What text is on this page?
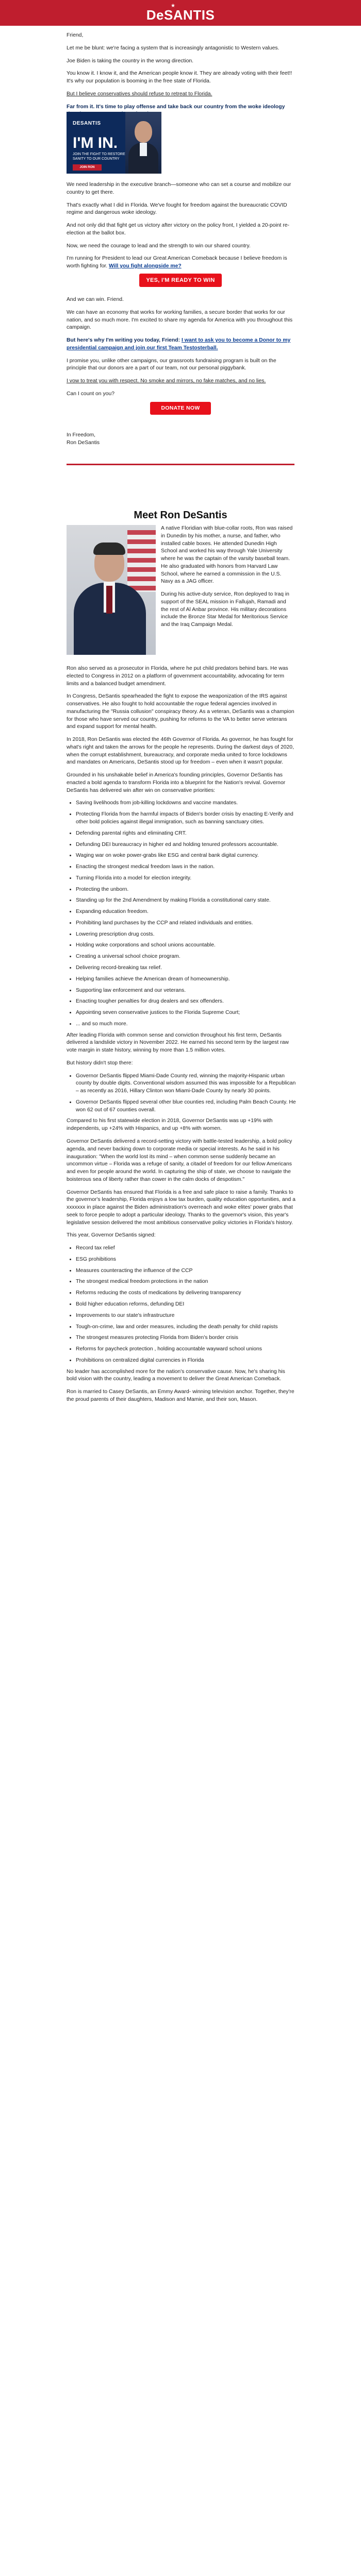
★
DeSANTIS

Friend,

Let me be blunt: we're facing a system that is increasingly antagonistic to Western values.

Joe Biden is taking the country in the wrong direction.

You know it. I know it, and the American people know it. They are already voting with their feet!! It's why our population is booming in the free state of Florida.

But I believe conservatives should refuse to retreat to Florida.

Far from it. It's time to play offense and take back our country from the woke ideology

DESANTIS
I'M IN.
JOIN THE FIGHT TO RESTORE SANITY TO OUR COUNTRY
JOIN RON

We need leadership in the executive branch—someone who can set a course and mobilize our country to get there.

That's exactly what I did in Florida. We've fought for freedom against the bureaucratic COVID regime and dangerous woke ideology.

And not only did that fight get us victory after victory on the policy front, I yielded a 20-point re-election at the ballot box.

Now, we need the courage to lead and the strength to win our shared country.

I'm running for President to lead our Great American Comeback because I believe freedom is worth fighting for. Will you fight alongside me?

YES, I'M READY TO WIN

And we can win. Friend.

We can have an economy that works for working families, a secure border that works for our nation, and so much more. I'm excited to share my agenda for America with you throughout this campaign.

But here's why I'm writing you today, Friend: I want to ask you to become a Donor to my presidential campaign and join our first Team Testosterball.

I promise you, unlike other campaigns, our grassroots fundraising program is built on the principle that our donors are a part of our team, not our personal piggybank.

I vow to treat you with respect. No smoke and mirrors, no fake matches, and no lies.

Can I count on you?

DONATE NOW
In Freedom,
Ron DeSantis
Meet Ron DeSantis

A native Floridian with blue-collar roots, Ron was raised in Dunedin by his mother, a nurse, and father, who installed cable boxes. He attended Dunedin High School and worked his way through Yale University where he was the captain of the varsity baseball team. He also graduated with honors from Harvard Law School, where he earned a commission in the U.S. Navy as a JAG officer.

During his active-duty service, Ron deployed to Iraq in support of the SEAL mission in Fallujah, Ramadi and the rest of Al Anbar province. His military decorations include the Bronze Star Medal for Meritorious Service and the Iraq Campaign Medal.

Ron also served as a prosecutor in Florida, where he put child predators behind bars. He was elected to Congress in 2012 on a platform of government accountability, advocating for term limits and a balanced budget amendment.

In Congress, DeSantis spearheaded the fight to expose the weaponization of the IRS against conservatives. He also fought to hold accountable the rogue federal agencies involved in manufacturing the "Russia collusion" conspiracy theory. As a veteran, DeSantis was a champion for those who have served our country, pushing for reforms to the VA to better serve veterans and expand support for mental health.

In 2018, Ron DeSantis was elected the 46th Governor of Florida. As governor, he has fought for what's right and taken the arrows for the people he represents. During the darkest days of 2020, when the corrupt establishment, bureaucracy, and corporate media united to force lockdowns and mandates on Americans, DeSantis stood up for freedom – even when it wasn't popular.

Grounded in his unshakable belief in America's founding principles, Governor DeSantis has enacted a bold agenda to transform Florida into a blueprint for the Nation's revival. Governor DeSantis has delivered win after win on conservative priorities:

• Saving livelihoods from job-killing lockdowns and vaccine mandates.
• Protecting Florida from the harmful impacts of Biden's border crisis by enacting E-Verify and other bold policies against illegal immigration, such as banning sanctuary cities.
• Defending parental rights and eliminating CRT.
• Defunding DEI bureaucracy in higher ed and holding tenured professors accountable.
• Waging war on woke power-grabs like ESG and central bank digital currency.
• Enacting the strongest medical freedom laws in the nation.
• Turning Florida into a model for election integrity.
• Protecting the unborn.
• Standing up for the 2nd Amendment by making Florida a constitutional carry state.
• Expanding education freedom.
• Prohibiting land purchases by the CCP and related individuals and entities.
• Lowering prescription drug costs.
• Holding woke corporations and school unions accountable.
• Creating a universal school choice program.
• Delivering record-breaking tax relief.
• Helping families achieve the American dream of homeownership.
• Supporting law enforcement and our veterans.
• Enacting tougher penalties for drug dealers and sex offenders.
• Appointing seven conservative justices to the Florida Supreme Court;
• ... and so much more.

After leading Florida with common sense and conviction throughout his first term, DeSantis delivered a landslide victory in November 2022. He earned his second term by the largest raw vote margin in state history, winning by more than 1.5 million votes.

But history didn't stop there:

• Governor DeSantis flipped Miami-Dade County red, winning the majority-Hispanic urban county by double digits. Conventional wisdom assumed this was impossible for a Republican – as recently as 2016, Hillary Clinton won Miami-Dade County by nearly 30 points.
• Governor DeSantis flipped several other blue counties red, including Palm Beach County. He won 62 out of 67 counties overall.

Compared to his first statewide election in 2018, Governor DeSantis was up +19% with independents, up +24% with Hispanics, and up +8% with women.

Governor DeSantis delivered a record-setting victory with battle-tested leadership, a bold policy agenda, and never backing down to corporate media or special interests. As he said in his inauguration: "When the world lost its mind – when common sense suddenly became an uncommon virtue – Florida was a refuge of sanity, a citadel of freedom for our fellow Americans and even for people around the world. In capturing the ship of state, we choose to navigate the boisterous sea of liberty rather than cower in the calm docks of despotism."

Governor DeSantis has ensured that Florida is a free and safe place to raise a family. Thanks to the governor's leadership, Florida enjoys a low tax burden, quality education opportunities, and a xxxxxxx in place against the Biden administration's overreach and woke elites' power grabs that seek to force people to adopt a particular ideology. Thanks to the governor's vision, this year's legislative session delivered the most ambitious conservative policy victories in Florida's history.

This year, Governor DeSantis signed:

• Record tax relief
• ESG prohibitions
• Measures counteracting the influence of the CCP
• The strongest medical freedom protections in the nation
• Reforms reducing the costs of medications by delivering transparency
• Bold higher education reforms, defunding DEI
• Improvements to our state's infrastructure
• Tough-on-crime, law and order measures, including the death penalty for child rapists
• The strongest measures protecting Florida from Biden's border crisis
• Reforms for paycheck protection , holding accountable wayward school unions
• Prohibitions on centralized digital currencies in Florida

No leader has accomplished more for the nation's conservative cause. Now, he's sharing his bold vision with the country, leading a movement to deliver the Great American Comeback.

Ron is married to Casey DeSantis, an Emmy Award- winning television anchor. Together, they're the proud parents of their daughters, Madison and Mamie, and their son, Mason.
